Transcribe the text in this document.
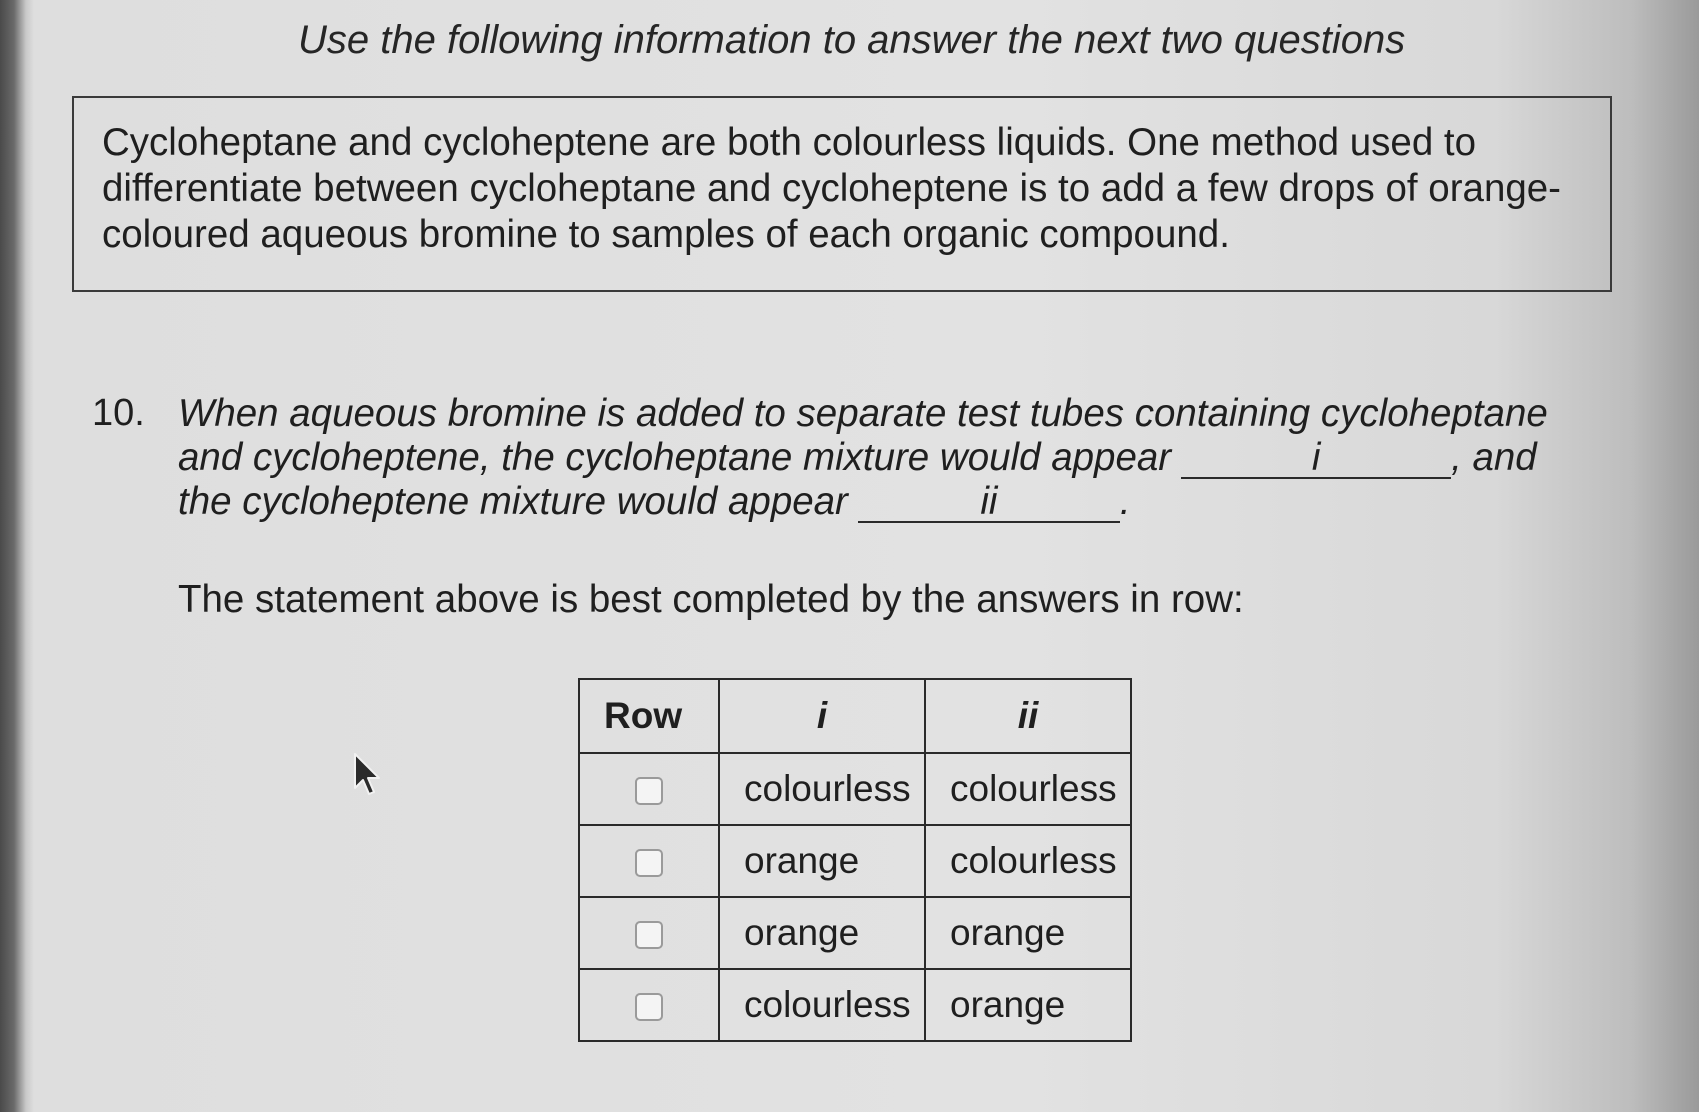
Use the following information to answer the next two questions
Cycloheptane and cycloheptene are both colourless liquids. One method used to
differentiate between cycloheptane and cycloheptene is to add a few drops of orange-
coloured aqueous bromine to samples of each organic compound.
10. When aqueous bromine is added to separate test tubes containing cycloheptane
and cycloheptene, the cycloheptane mixture would appear	i	, and
the cycloheptene mixture would appear	ii	.
The statement above is best completed by the answers in row:
Row	i	ii
	colourless	colourless
	orange	colourless
	orange	orange
	colourless	orange
